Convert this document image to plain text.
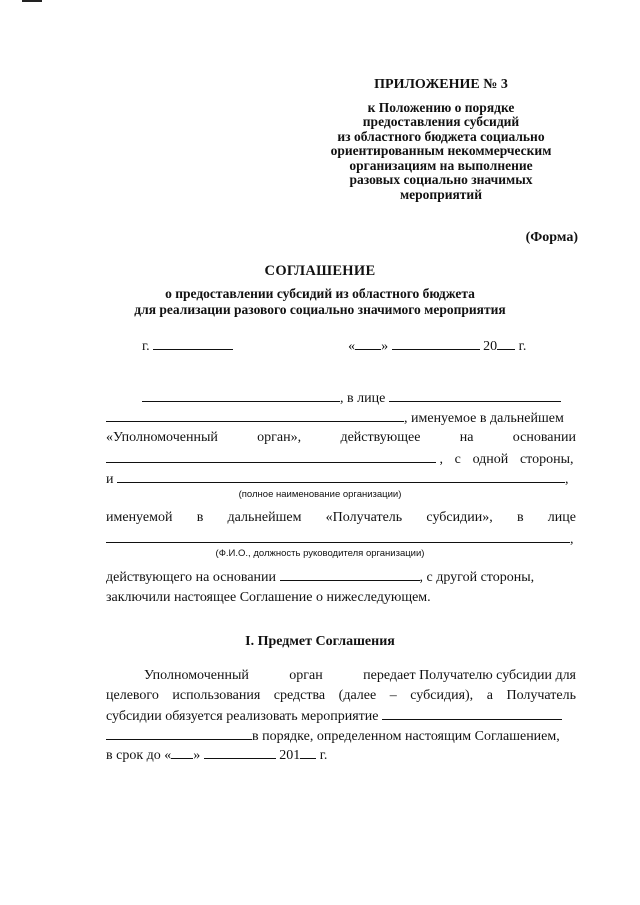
ПРИЛОЖЕНИЕ № 3
к Положению о порядке
предоставления субсидий
из областного бюджета социально
ориентированным некоммерческим
организациям на выполнение
разовых социально значимых
мероприятий
(Форма)
СОГЛАШЕНИЕ
о предоставлении субсидий из областного бюджета
для реализации разового социально значимого мероприятия
г.	« »	20 г.
, в лице
, именуемое в дальнейшем
«Уполномоченный	орган»,	действующее	на	основании

, с одной стороны,
и	,
(полное наименование организации)
именуемой в дальнейшем «Получатель субсидии», в лице
,
(Ф.И.О., должность руководителя организации)
действующего на основании	, с другой стороны,
заключили настоящее Соглашение о нижеследующем.
I. Предмет Соглашения
Уполномоченный	орган	передает Получателю субсидии для
целевого использования средства (далее – субсидия), а Получатель
субсидии обязуется реализовать мероприятие
в порядке, определенном настоящим Соглашением,
в срок до « »	201 г.
